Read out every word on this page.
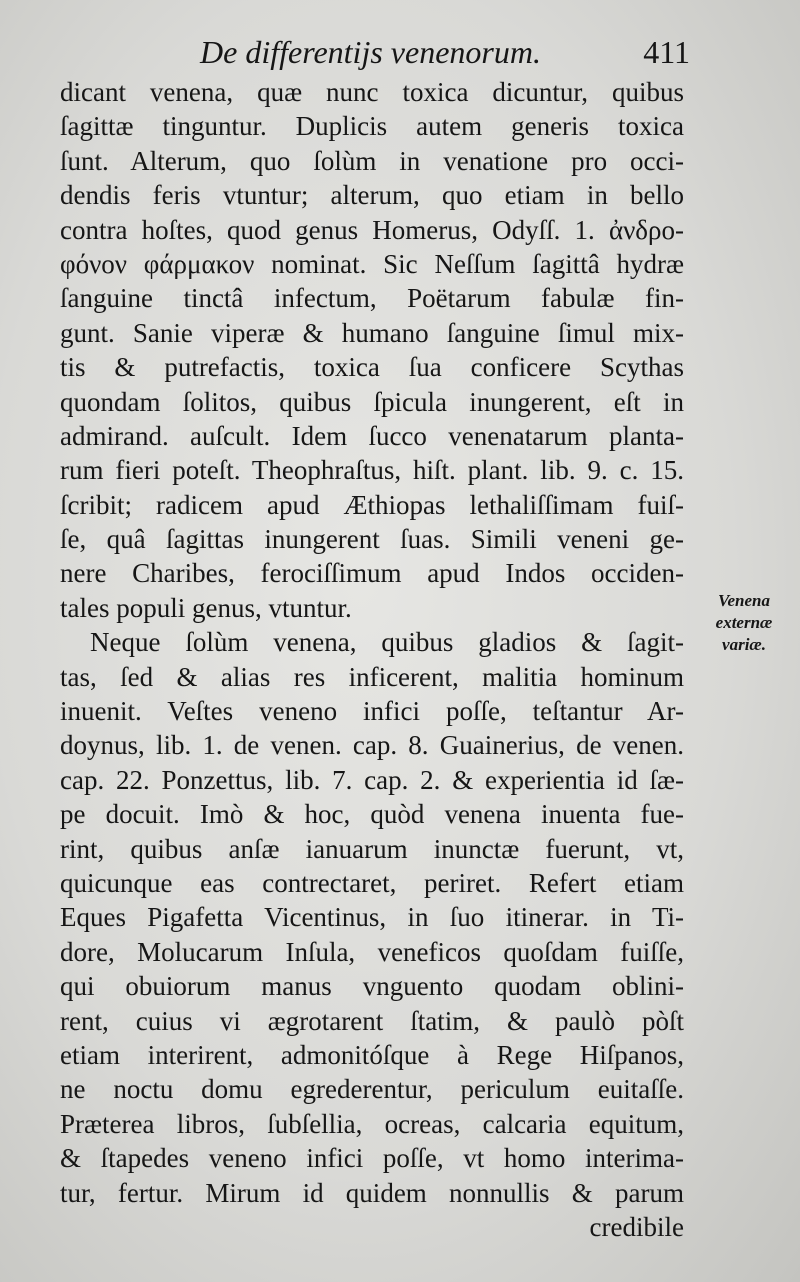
De differentijs venenorum.	411
dicant venena, quæ nunc toxica dicuntur, quibus
ſagittæ tinguntur. Duplicis autem generis toxica
ſunt. Alterum, quo ſolùm in venatione pro occi-
dendis feris vtuntur; alterum, quo etiam in bello
contra hoſtes, quod genus Homerus, Odyſſ. 1. ἀνδρο-
φόνον φάρμακον nominat. Sic Neſſum ſagittâ hydræ
ſanguine tinctâ infectum, Poëtarum fabulæ fin-
gunt. Sanie viperæ & humano ſanguine ſimul mix-
tis & putrefactis, toxica ſua conficere Scythas
quondam ſolitos, quibus ſpicula inungerent, eſt in
admirand. auſcult. Idem ſucco venenatarum planta-
rum fieri poteſt. Theophraſtus, hiſt. plant. lib. 9. c. 15.
ſcribit; radicem apud Æthiopas lethaliſſimam fuiſ-
ſe, quâ ſagittas inungerent ſuas. Simili veneni ge-
nere Charibes, ferociſſimum apud Indos occiden-
tales populi genus, vtuntur.
Neque ſolùm venena, quibus gladios & ſagit-
tas, ſed & alias res inficerent, malitia hominum
inuenit. Veſtes veneno infici poſſe, teſtantur Ar-
doynus, lib. 1. de venen. cap. 8. Guainerius, de venen.
cap. 22. Ponzettus, lib. 7. cap. 2. & experientia id ſæ-
pe docuit. Imò & hoc, quòd venena inuenta fue-
rint, quibus anſæ ianuarum inunctæ fuerunt, vt,
quicunque eas contrectaret, periret. Refert etiam
Eques Pigafetta Vicentinus, in ſuo itinerar. in Ti-
dore, Molucarum Inſula, veneficos quoſdam fuiſſe,
qui obuiorum manus vnguento quodam oblini-
rent, cuius vi ægrotarent ſtatim, & paulò pòſt
etiam interirent, admonitóſque à Rege Hiſpanos,
ne noctu domu egrederentur, periculum euitaſſe.
Præterea libros, ſubſellia, ocreas, calcaria equitum,
& ſtapedes veneno infici poſſe, vt homo interima-
tur, fertur. Mirum id quidem nonnullis & parum
credibile
Venena
externæ
variæ.
